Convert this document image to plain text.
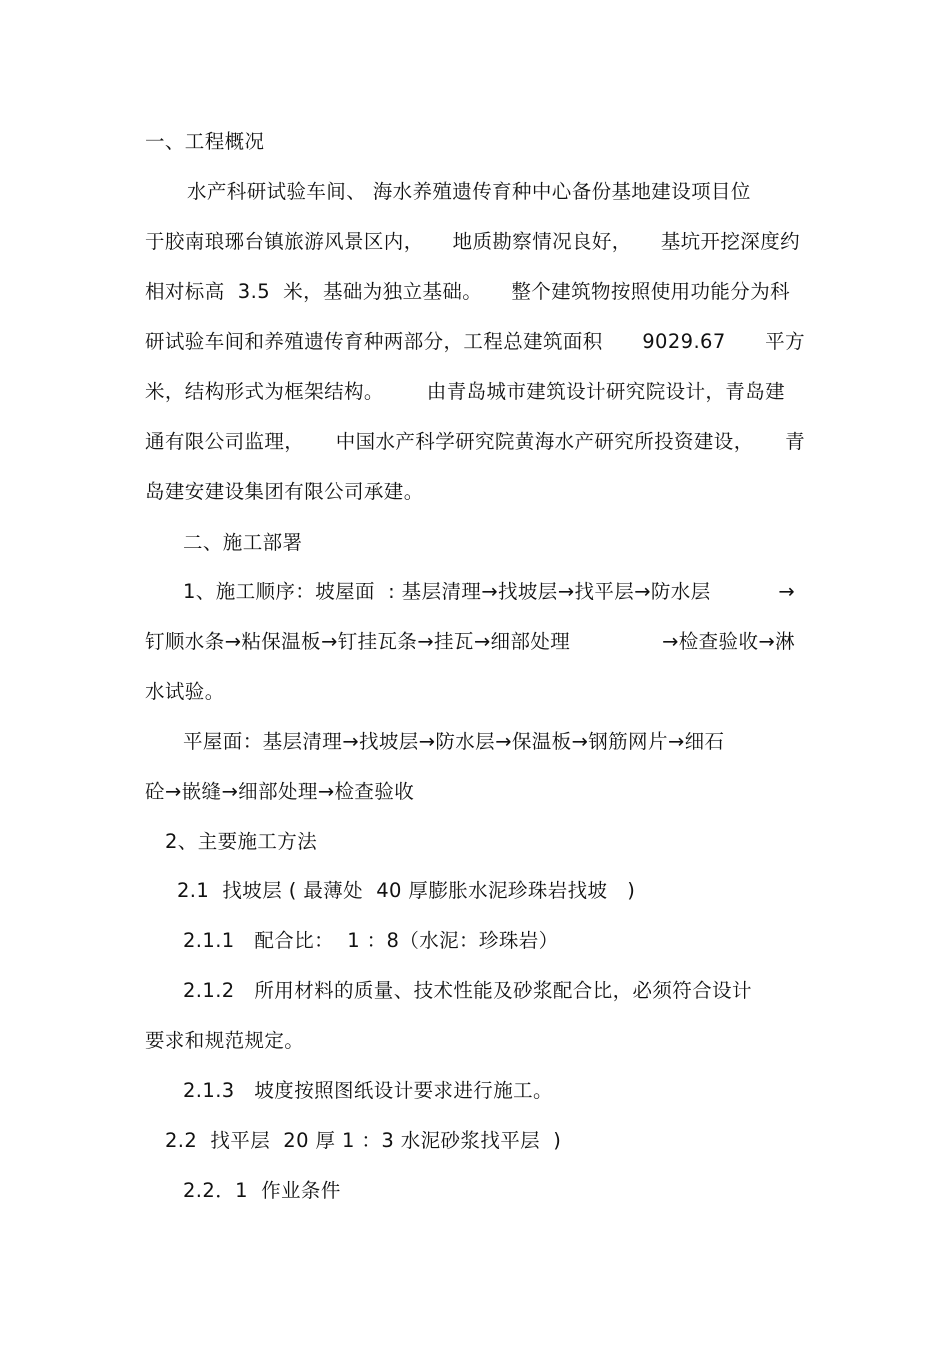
一、工程概况
水产科研试验车间、 海水养殖遗传育种中心备份基地建设项目位
于胶南琅琊台镇旅游风景区内， 地质勘察情况良好， 基坑开挖深度约
相对标高  3.5  米，基础为独立基础。 整个建筑物按照使用功能分为科
研试验车间和养殖遗传育种两部分，工程总建筑面积 9029.67 平方
米，结构形式为框架结构。 由青岛城市建筑设计研究院设计，青岛建
通有限公司监理， 中国水产科学研究院黄海水产研究所投资建设， 青
岛建安建设集团有限公司承建。
二、施工部署
1、施工顺序：坡屋面  : 基层清理→找坡层→找平层→防水层	→
钉顺水条→粘保温板→钉挂瓦条→挂瓦→细部处理	→检查验收→淋
水试验。
平屋面：基层清理→找坡层→防水层→保温板→钢筋网片→细石
砼→嵌缝→细部处理→检查验收
2、主要施工方法
2.1  找坡层 ( 最薄处  40 厚膨胀水泥珍珠岩找坡   )
2.1.1   配合比：  1 ：8（水泥：珍珠岩）
2.1.2   所用材料的质量、技术性能及砂浆配合比，必须符合设计
要求和规范规定。
2.1.3   坡度按照图纸设计要求进行施工。
2.2  找平层  20 厚 1 ：3 水泥砂浆找平层  )
2.2．1  作业条件
